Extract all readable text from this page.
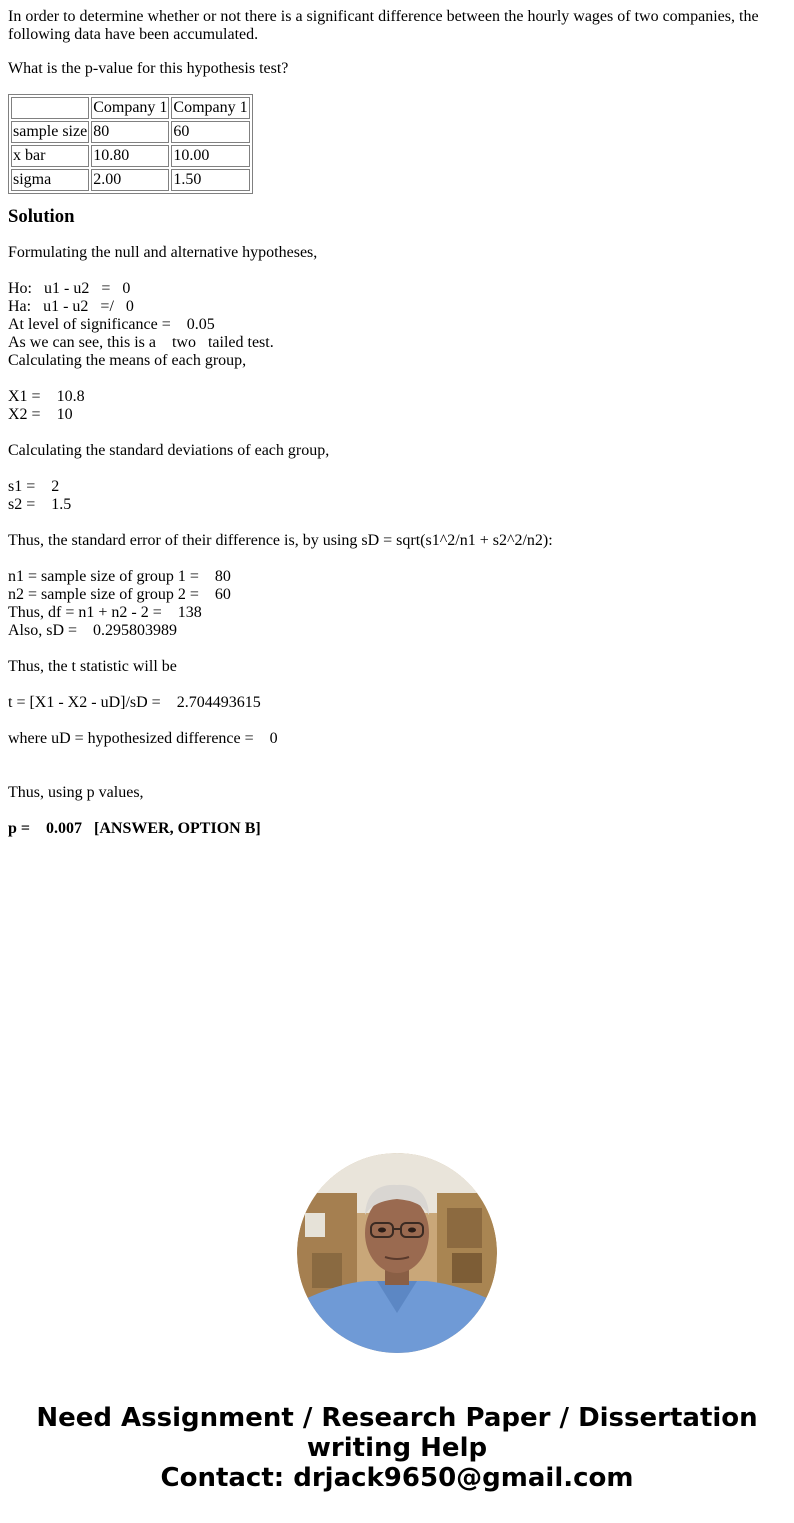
In order to determine whether or not there is a significant difference between the hourly wages of two companies, the following data have been accumulated.

What is the p-value for this hypothesis test?

	Company 1	Company 1
sample size	80	60
x bar	10.80	10.00
sigma	2.00	1.50
Solution
Formulating the null and alternative hypotheses,
Ho:   u1 - u2   =   0
Ha:   u1 - u2   =/   0
At level of significance =    0.05
As we can see, this is a    two   tailed test.
Calculating the means of each group,
X1 =    10.8
X2 =    10
Calculating the standard deviations of each group,
s1 =    2
s2 =    1.5
Thus, the standard error of their difference is, by using sD = sqrt(s1^2/n1 + s2^2/n2):
n1 = sample size of group 1 =    80
n2 = sample size of group 2 =    60
Thus, df = n1 + n2 - 2 =    138
Also, sD =    0.295803989
Thus, the t statistic will be
t = [X1 - X2 - uD]/sD =    2.704493615
where uD = hypothesized difference =    0
Thus, using p values,
p =    0.007   [ANSWER, OPTION B]
Need Assignment / Research Paper / Dissertation
writing Help
Contact: drjack9650@gmail.com
